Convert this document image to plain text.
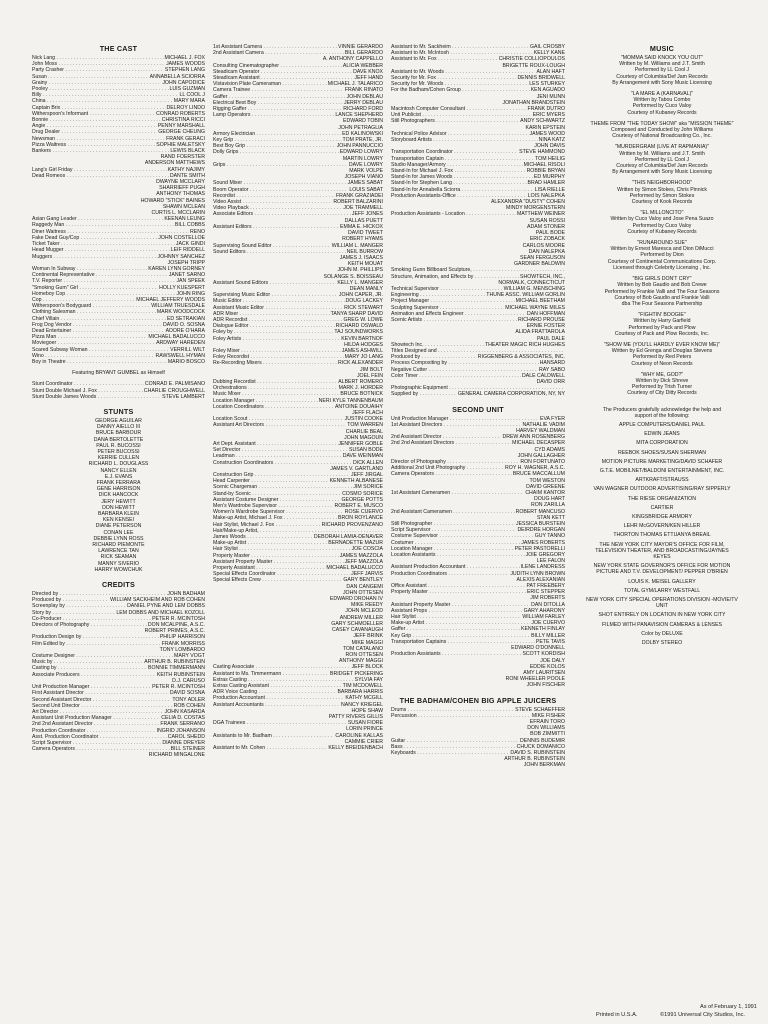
THE CAST
Nick Lang . . .	MICHAEL J. FOX
John Moss . . .	JAMES WOODS
Party Crasher . . .	STEPHEN LANG
Susan . . .	ANNABELLA SCIORRA
Grainy . . .	JOHN CAPODICE
Pooley . . .	LUIS GUZMAN
Billy . . .	LL COOL J
China . . .	MARY MARA
Captain Brix . . .	DELROY LINDO
Witherspoon's Informant . . .	CONRAD ROBERTS
Bonnie . . .	CHRISTINA RICCI
Angie . . .	PENNY MARSHALL
Drug Dealer . . .	GEORGE CHEUNG
Newsman . . .	FRANK GERACI
Pizza Waitress . . .	SOPHIE MALETSKY
Bankers . . .	LEWIS BLACK
RAND FOERSTER
ANDERSON MATTHEWS
Lang's Girl Friday . . .	KATHY NAJIMY
Dead Romeos . . .	DANTE SMITH
DWAYNE MCCLARY
SHARRIEFF PUGH
ANTHONY THOMAS
HOWARD "STICK" BAINES
SHAWN MCLEAN
CURTIS L. MCCLARIN
Asian Gang Leader . . .	KEENAN LEUNG
Raggedy Man . . .	BILL COBBS
Diner Waitress . . .	RENO
Fake Dead Guy/Cop . . .	JOHN COSTELLOE
Ticket Taker . . .	JACK GINDI
Head Mugger . . .	LEIF RIDDELL
Muggers . . .	JOHNNY SANCHEZ
JOSEPH TRIPP
Woman In Subway . . .	KAREN LYNN GORNEY
Continental Representative . . .	JANET SARNO
T.V. Reporter . . .	JAN SPEEK
"Smoking Gum" Girl . . .	HOLLY KUESPERT
Homeboy Cop . . .	JOHN RING
Cop . . .	MICHAEL JEFFERY WOODS
Witherspoon's Bodyguard . . .	WILLIAM TRUESDALE
Clothing Salesman . . .	MARK WOODCOCK
Chief Villain . . .	ED SETRAKIAN
Frog Dog Vendor . . .	DAVID O. SOSNA
Dead Entertainer . . .	ADORE O'HARA
Pizza Man . . .	MICHAEL BADALUCCO
Moviegoer . . .	ARDWAY HAREDEN
Scared Subway Woman . . .	VERRILL WILT
Wino . . .	RAWSWELL HYMAN
Boy in Theatre . . .	MARIO BOSCO
Featuring BRYANT GUMBEL as Himself
Stunt Coordinator . . .	CONRAD E. PALMISANO
Stunt Double Michael J. Fox . . .	CHARLIE CROUGHWELL
Stunt Double James Woods . . .	STEVE LAMBERT
STUNTS
GEORGE AGUILAR
DANNY AIELLO III
BRUCE BARBOUR
DANA BERTOLETTE
PAUL R. BUCOSSI
PETER BUCOSSI
KERRIE CULLEN
RICHARD L. DOUGLASS
NANCY ELLEN
E.J. EVANS
FRANK FERRARA
GENE HARRISON
DICK HANCOCK
JERY HEWITT
DON HEWITT
BARBARA KLEIN
KEN KENSEI
DIANE PETERSON
CONAN LEE
DEBBIE LYNN ROSS
RICHARD PIEMONTE
LAWRENCE TAN
RICK SEAMAN
MANNY SIVERIO
HARRY WOWCHUK
CREDITS
Directed by . . .	JOHN BADHAM
Produced by . . .	WILLIAM SACKHEIM AND ROB COHEN
Screenplay by . . .	DANIEL PYNE AND LEM DOBBS
Story by . . .	LEM DOBBS AND MICHAEL KOZOLL
Co-Producer . . .	PETER R. MCINTOSH
Directors of Photography . . .	DON MCALPINE, A.S.C.
ROBERT PRIMES, A.S.C.
Production Design by . . .	PHILIP HARRISON
Film Edited by . . .	FRANK MORRISS
TONY LOMBARDO
Costume Designer . . .	MARY VOGT
Music by . . .	ARTHUR B. RUBINSTEIN
Casting by . . .	BONNIE TIMMERMANN
Associate Producers . . .	KEITH RUBINSTEIN
D.J. CARUSO
Unit Production Manager . . .	PETER R. MCINTOSH
First Assistant Director . . .	DAVID SOSNA
Second Assistant Director . . .	TONY ADLER
Second Unit Director . . .	ROB COHEN
Art Director . . .	JOHN KASARDA
Assistant Unit Production Manager . . .	CELIA D. COSTAS
2nd 2nd Assistant Director . . .	FRANK SERRANO
Production Coordinator . . .	INGRID JOHANSON
Asst. Production Coordinator . . .	CAROL SHEDD
Script Supervisor . . .	DIANNE DREYER
Camera Operators . . .	BILL STEINER
RICHARD MINGALONE
1st Assistant Camera . . .	VINNIE GERARDO
2nd Assistant Camera . . .	BILL GERARDO
A. ANTHONY CAPPELLO
Consulting Cinematographer . . .	ALICIA WEBBER
Steadicam Operator . . .	DAVE KNOX
Steadicam Assistant . . .	JEFF HAND
Vistavision Plate Cameraman . . .	MICHAEL J. TALARICO
Camera Trainee . . .	FRANK RINATO
Gaffer . . .	JOHN DEBLAU
Electrical Best Boy . . .	JERRY DEBLAU
Rigging Gaffer . . .	RICHARD FORD
Lamp Operators . . .	LANCE SHEPHERD
EDWARD TOBIN
JOHN PETRAGLIA
Armory Electrician . . .	ED KALINOWSKI
Key Grip . . .	TOM PRATE, JR.
Best Boy Grip . . .	JOHN PANNUCCIO
Dolly Grips . . .	EDWARD LOWRY
MARTIN LOWRY
Grips . . .	DAVE LOWRY
MARK VOLPE
JOSEPH VIANO
Sound Mixer . . .	JAMES SABAT
Boom Operator . . .	LOUIS SABAT
Recordist . . .	FRANK GRAZIADEI
Video Assist . . .	ROBERT BALZARINI
Video Playback . . .	JOE TRAMMELL
Associate Editors . . .	JEFF JONES
DALLAS PUETT
Assistant Editors . . .	EMMA E. HICKOX
DAVID TWEET
ROBERT HYAMS
Supervising Sound Editor . . .	WILLIAM L. MANGER
Sound Editors . . .	NEIL BURROW
JAMES J. ISAACS
KEITH MOUAT
JOHN M. PHILLIPS
SOLANGE S. BOISSEAU
Assistant Sound Editors . . .	KELLY L. MANGER
DEAN MANLY
Supervising Music Editor . . .	JOHN CAPER, JR.
Music Editor . . .	DOUG LACKEY
Assistant Music Editor . . .	RICK STEWART
ADR Mixer . . .	TANYA SHARP DAVID
ADR Recordist . . .	GREG W. LOWE
Dialogue Editor . . .	RICHARD OSWALD
Foley by . . .	TAJ SOUNDWORKS
Foley Artists . . .	KEVIN BARTNOF
HILDA HODGES
Foley Mixer . . .	JAMES ASHWILL
Foley Recordist . . .	MARY JO LANG
Re-Recording Mixers . . .	RICK ALEXANDER
JIM BOLT
JOEL FEIN
Dubbing Recordist . . .	ALBERT ROMERO
Orchestrations . . .	MARK J. HORDER
Music Mixer . . .	BRUCE BOTNICK
Location Manager . . .	NERI KYLE TANNENBAUM
Location Coordinators . . .	ANTOINE DOUAIHY
JEFF FLACH
Location Scout . . .	JUSTIN COOKE
Assistant Art Directors . . .	TOM WARREN
CHARLIE BEAL
JOHN MAGOUN
Art Dept. Assistant . . .	JENNIFER GOBLE
Set Director . . .	SUSAN BODE
Leadman . . .	DAVE WEINMAN
Construction Coordinators . . .	DICK ALLEN
JAMES V. GARTLAND
Construction Grip . . .	JEFF JIRGAL
Head Carpenter . . .	KENNETH ALBANESE
Scenic Chargeman . . .	JIM SORICE
Stand-by Scenic . . .	COSMO SORICE
Assistant Costume Designer . . .	GEORGE POTTS
Men's Wardrobe Supervisor . . .	ROBERT E. MUSCO
Women's Wardrobe Supervisor . . .	ROSE CUERVO
Make-up Artist, Michael J. Fox . . .	BRON ROYLANCE
Hair Stylist, Michael J. Fox . . .	RICHARD PROVENZANO
Hair/Make-up Artist, . . .
James Woods . . .	DEBORAH LAMIA-DENAVER
Make-up Artist . . .	BERNADETTE MAZUR
Hair Stylist . . .	JOE COSCIA
Property Master . . .	JAMES MAZZOLA
Assistant Property Master . . .	JEFF MAZZOLA
Property Assistant . . .	MICHAEL BADALUCCO
Special Effects Coordinator . . .	JEFF JARVIS
Special Effects Crew . . .	GARY BENTLEY
DAN CANGEMI
JOHN OTTESEN
EDWARD DROHAN IV
MIKE REEDY
JOHN MCLEOD
ANDREW MILLER
GARY SCHMOELLER
CASEY CAVANAUGH
JEFF BRINK
MIKE MAGGI
TOM CATALANO
RON OTTESEN
ANTHONY MAGGI
Casting Associate . . .	JEFF BLOCK
Assistant to Ms. Timmermann . . .	BRIDGET PICKERING
Extras Casting . . .	SYLVIA FAY
Extras Casting Assistant . . .	TIM MCDOWELL
ADR Voice Casting . . .	BARBARA HARRIS
Production Accountant . . .	KATHY MCGILL
Assistant Accountants . . .	NANCY KRIEGEL
HOPE SHAW
PATTY RIVERS GILLIS
DGA Trainees . . .	SUSAN FIORE
LORIN PRINCE
Assistants to Mr. Badham . . .	CAROLINE KALLAS
CAMMIE CRIER
Assistant to Mr. Cohen . . .	KELLY BREIDENBACH
Assistant to Mr. Sackheim . . .	GAIL CROSBY
Assistant to Mr. McIntosh . . .	KELLY KANE
Assistant to Mr. Fox . . .	CHRISTIE COLLIOPOULOS
BRIGETTE ROUX-LOUGH
Assistant to Mr. Woods . . .	ALAN HAFT
Security for Mr. Fox . . .	DENNIS BRIDWELL
Security for Mr. Woods . . .	LES STURKEY
For the Badham/Cohen Group . . .	KEN AGUADO
JENI MUNN
JONATHAN BRANDSTEIN
Macintosh Computer Consultant . . .	FRANK DUTRO
Unit Publicist . . .	ERIC MYERS
Still Photographers . . .	ANDY SCHWARTZ
KARIN EPSTEIN
Technical Police Advisor . . .	JAMES WOOD
Storyboard Artists . . .	NINA KATZ
JOHN DAVIS
Transportation Coordinator . . .	STEVE HAMMOND
Transportation Captain . . .	TOM HEILIG
Studio Manager/Armory . . .	MICHAEL RISOLI
Stand-In for Michael J. Fox . . .	ROBBIE BRYAN
Stand-In for James Woods . . .	ED MURPHY
Stand-In for Stephen Lang . . .	BRAD HAMLER
Stand-In for Annabella Sciorra . . .	LISA RIELLE
Production Assistants-Office . . .	LOIS NALEPKA
ALEXANDRA "DUSTY" COHEN
MINDY MORGENSTERN
Production Assistants - Location . . .	MATTHEW WEINER
SUSAN ROSSI
ADAM STONER
PAUL BODE
ERIC ZOBACK
CARLOS MOORE
DAN NALEPKA
SEAN FERGUSON
GARDNER BALDWIN
Smoking Gunn Billboard Sculpture, . . .
Structure, Animation, and Effects by . . .	SHOWTECH, INC.,
NORWALK, CONNECTICUT
Technical Supervisor . . .	WILLIAM G. MENSCHING
Engineering . . .	THUNE ASSC. WILLIAM GORLIN
Project Manager . . .	MICHAEL BEETHAM
Sculpting Supervisor . . .	MICHAEL WAYNE MILES
Animation and Effects Engineer . . .	DAN HOFFMAN
Scenic Artists . . .	RICHARD PROUSE
ERNIE FOSTER
ALIDA FRATTAROLA
PAUL DALE
Showtech Inc. . . .	THEATER MAGIC RICH HUGHES
Titles Designed and . . .
Produced by . . .	RIGGENBERG & ASSOCIATES, INC.
Process Compositing by . . .	HANSARD
Negative Cutter . . .	RAY SABO
Color Timer . . .	DALE CALDWELL
DAVID ORR
Photographic Equipment . . .
Supplied by . . .	GENERAL CAMERA CORPORATION, NY, NY
SECOND UNIT
Unit Production Manager . . .	EVA FYER
1st Assistant Directors . . .	NATHALIE VADIM
HARVEY WALDMAN
2nd Assistant Director . . .	DREW ANN ROSENBERG
2nd 2nd Assistant Directors . . .	MICHAEL DECASPER
CYD ADAMS
JOHN GALLAGHER
Director of Photography . . .	RON FORTUNATO
Additional 2nd Unit Photography . . .	ROY H. WAGNER, A.S.C.
Camera Operators . . .	BRUCE MACCALLUM
TOM WESTON
DAVID GREENE
1st Assistant Cameramen . . .	CHAIM KANTOR
DOUG HART
RON ZARILLA
2nd Assistant Cameramen . . .	ROBERT MANCUSO
STAN KETT
Still Photographer . . .	JESSICA BURSTEIN
Script Supervisor . . .	DEIRDRE HORGAN
Costume Supervisor . . .	GUY TANNO
Costumer . . .	JAMES ROBERTS
Location Manager . . .	PETER PASTORELLI
Location Assistants . . .	JOIE GREGORY
LEE FALON
Assistant Production Accountant . . .	ILENE LANDRESS
Production Coordinators . . .	JUDITH LYNN BROWN
ALEXIS ALEXANIAN
Office Assistant . . .	PAT FREEBERY
Property Master . . .	ERIC STEPPER
JIM ROBERTS
Assistant Property Master . . .	DAN DITOLLA
Assistant Props . . .	GARY AHARONY
Hair Stylist . . .	WILLIAM FARLEY
Make-up Artist . . .	JOE CUERVO
Gaffer . . .	KENNETH FINLAY
Key Grip . . .	BILLY MILLER
Transportation Captains . . .	PETE TAVIS
EDWARD O'DONNELL
Production Assistants . . .	SCOTT KORDISH
JOE DALY
EDDIE KOLOS
AMY LAURITSEN
RONI WHEELER POOLE
JOHN FISCHER
THE BADHAM/COHEN BIG APPLE JUICERS
Drums . . .	STEVE SCHAEFFER
Percussion . . .	MIKE FISHER
EFRAIN TORO
DON WILLIAMS
BOB ZIMMITTI
Guitar . . .	DENNIS BUDEMIR
Bass . . .	CHUCK DOMANICO
Keyboards . . .	DAVID S. RUBINSTEIN
ARTHUR B. RUBINSTEIN
JOHN BERKMAN
MUSIC
"MOMMA SAID KNOCK YOU OUT"
Written by M. Williams and J.T. Smith
Performed by LL Cool J
Courtesy of Columbia/Def Jam Records
By Arrangement with Sony Music Licensing
"LA MARE A (KARNAVAL)"
Written by Tabou Combo
Performed by Cuco Valoy
Courtesy of Kubaney Records
THEME FROM "THE TODAY SHOW" aka "MISSION THEME"
Composed and Conducted by John Williams
Courtesy of National Broadcasting Co., Inc.
"MURDERGRAM (LIVE AT RAPMANIA)"
Written by M. Williams and J.T. Smith
Performed by LL Cool J
Courtesy of Columbia/Def Jam Records
By Arrangement with Sony Music Licensing
"THIS NEIGHBORHOOD"
Written by Simon Stokes, Chris Pinnick
Performed by Simon Stokes
Courtesy of Kook Records
"EL MILLONCITO"
Written by Cuco Valoy and Jose Pena Suazo
Performed by Cuco Valoy
Courtesy of Kubaney Records
"RUNAROUND SUE"
Written by Ernest Maresca and Dion DiMucci
Performed by Dion
Courtesy of Continental Communications Corp.
Licensed through Celebrity Licensing , Inc.
"BIG GIRLS DON'T CRY"
Written by Bob Gaudio and Bob Crewe
Performed by Frankie Valli and The Four Seasons
Courtesy of Bob Gaudio and Frankie Valli
dba The Four Seasons Partnership
"FIGHTIN' BOOGIE"
Written by Harry Garfield
Performed by Pack and Plow
Courtesy of Pack and Plow Records, Inc.
"SHOW ME (YOU'LL HARDLY EVER KNOW ME)"
Written by Ed Grenga and Douglas Stevens
Performed by Red Peters
Courtesy of Neon Records
"WHY ME, GOD?"
Written by Dick Shreve
Performed by Trish Turner
Courtesy of City Ditty Records
The Producers gratefully acknowledge the help and support of the following:
APPLE COMPUTERS/DANIEL PAUL
EDWIN JEANS
MITA CORPORATION
REEBOK SHOES/SUSAN SHERMAN
MOTION PICTURE MARKETING/DAVID SCHAFER
G.T.E. MOBILNET/BALDONI ENTERTAINMENT, INC.
ARTKRAFT/STRAUSS
VAN WAGNER OUTDOOR ADVERTISING/RAY SIPPERLY
THE RIESE ORGANIZATION
CARTIER
KINGSBRIDGE ARMORY
LEHR McGOVERN/KEN HILLER
THORTON THOMAS ETTUANYA BREAIL
THE NEW YORK CITY MAYOR'S OFFICE FOR FILM, TELEVISION THEATER, AND BROADCASTING/JAYNES KEYES
NEW YORK STATE GOVERNOR'S OFFICE FOR MOTION PICTURE AND T.V. DEVELOPMENT/ PEPPER O'BRIEN
LOUIS K. MEISEL GALLERY
TOTAL GYM/LARRY WESTFALL
NEW YORK CITY SPECIAL OPERATIONS DIVISION -MOVIE/TV UNIT
SHOT ENTIRELY ON LOCATION IN NEW YORK CITY
FILMED WITH PANAVISION CAMERAS & LENSES
Color by DELUXE
DOLBY STEREO
As of February 1, 1991
Printed in U.S.A.	©1991 Universal City Studios, Inc.
